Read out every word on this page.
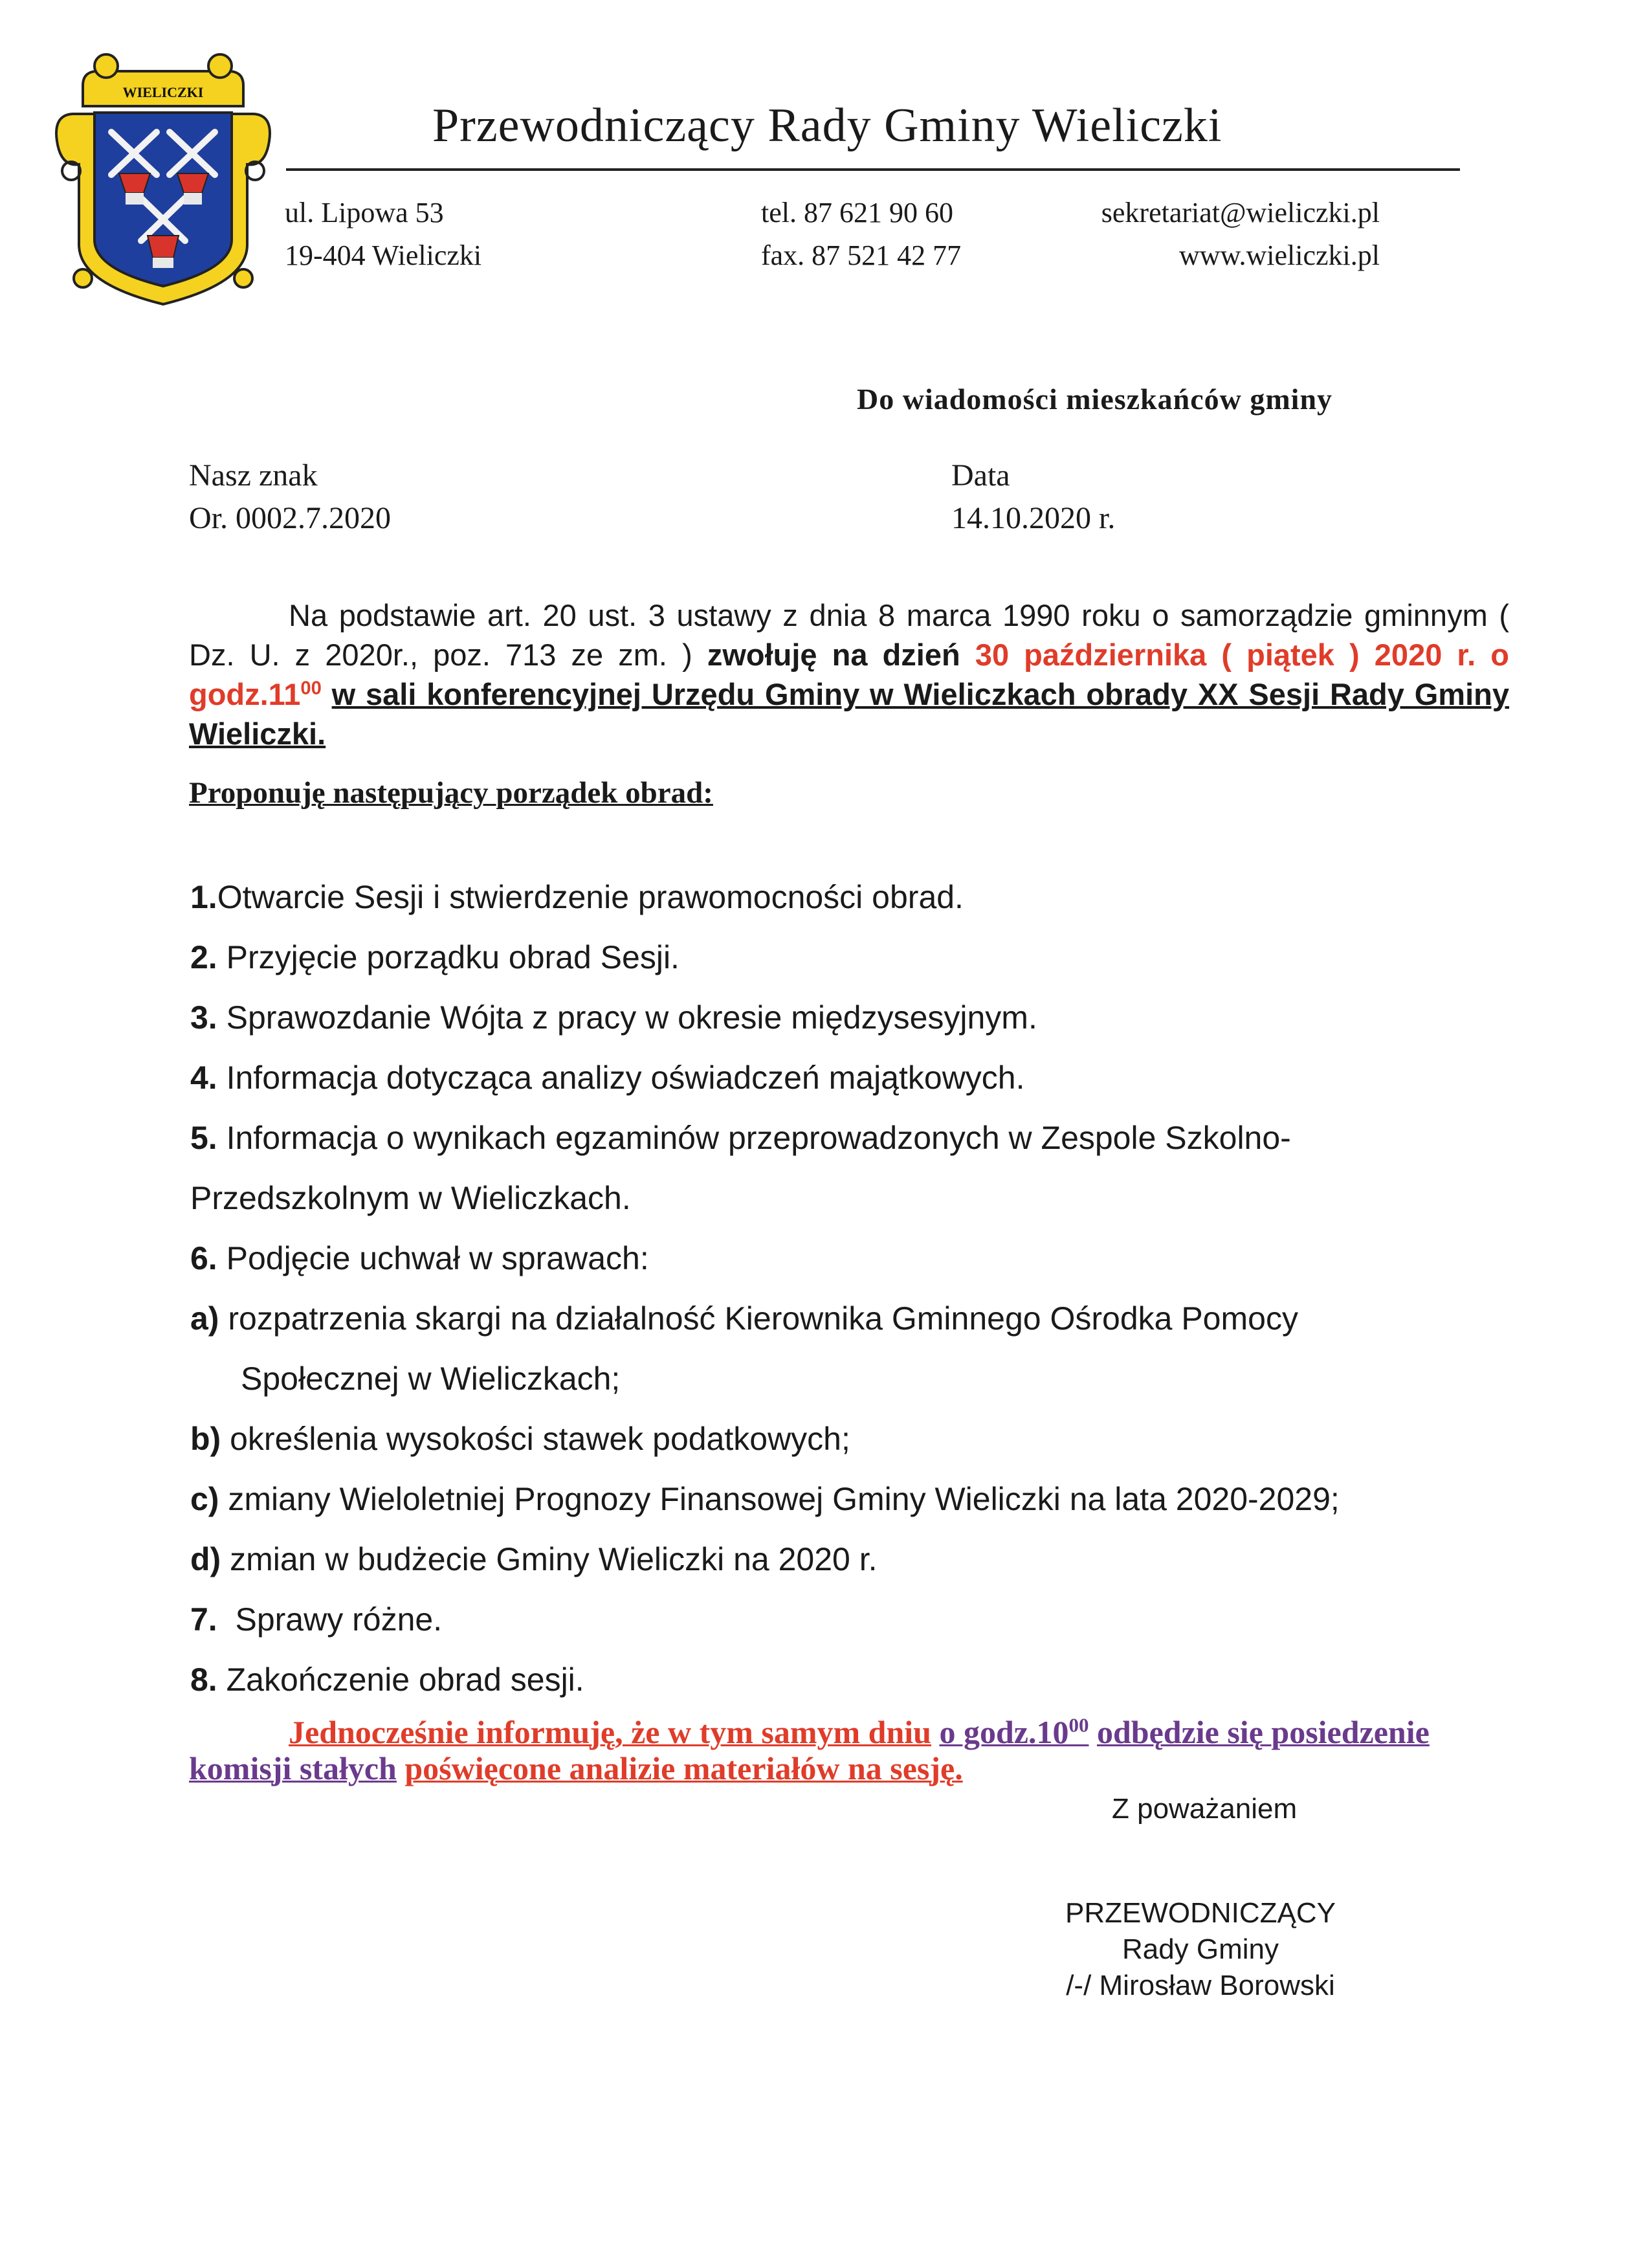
WIELICZKI
Przewodniczący Rady Gminy Wieliczki
ul. Lipowa 53
19-404 Wieliczki
tel. 87 621 90 60
fax. 87 521 42 77
sekretariat@wieliczki.pl
www.wieliczki.pl
Do wiadomości mieszkańców gminy
Nasz znak
Or. 0002.7.2020
Data
14.10.2020 r.

Na podstawie art. 20 ust. 3 ustawy z dnia 8 marca 1990 roku o samorządzie gminnym ( Dz. U. z 2020r., poz. 713 ze zm. ) zwołuję na dzień 30 października ( piątek ) 2020 r. o $godz.11^{00}$ w sali konferencyjnej Urzędu Gminy w Wieliczkach obrady XX Sesji Rady Gminy Wieliczki.

Proponuję następujący porządek obrad:
1.Otwarcie Sesji i stwierdzenie prawomocności obrad.
2. Przyjęcie porządku obrad Sesji.
3. Sprawozdanie Wójta z pracy w okresie międzysesyjnym.
4. Informacja dotycząca analizy oświadczeń majątkowych.
5. Informacja o wynikach egzaminów przeprowadzonych w Zespole Szkolno-
Przedszkolnym w Wieliczkach.
6. Podjęcie uchwał w sprawach:
a) rozpatrzenia skargi na działalność Kierownika Gminnego Ośrodka Pomocy
Społecznej w Wieliczkach;
b) określenia wysokości stawek podatkowych;
c) zmiany Wieloletniej Prognozy Finansowej Gminy Wieliczki na lata 2020-2029;
d) zmian w budżecie Gminy Wieliczki na 2020 r.
7. Sprawy różne.
8. Zakończenie obrad sesji.

Jednocześnie informuję, że w tym samym dniu o $godz.10^{00}$ odbędzie się posiedzenie komisji stałych poświęcone analizie materiałów na sesję.

Z poważaniem
PRZEWODNICZĄCY
Rady Gminy
/-/ Mirosław Borowski
